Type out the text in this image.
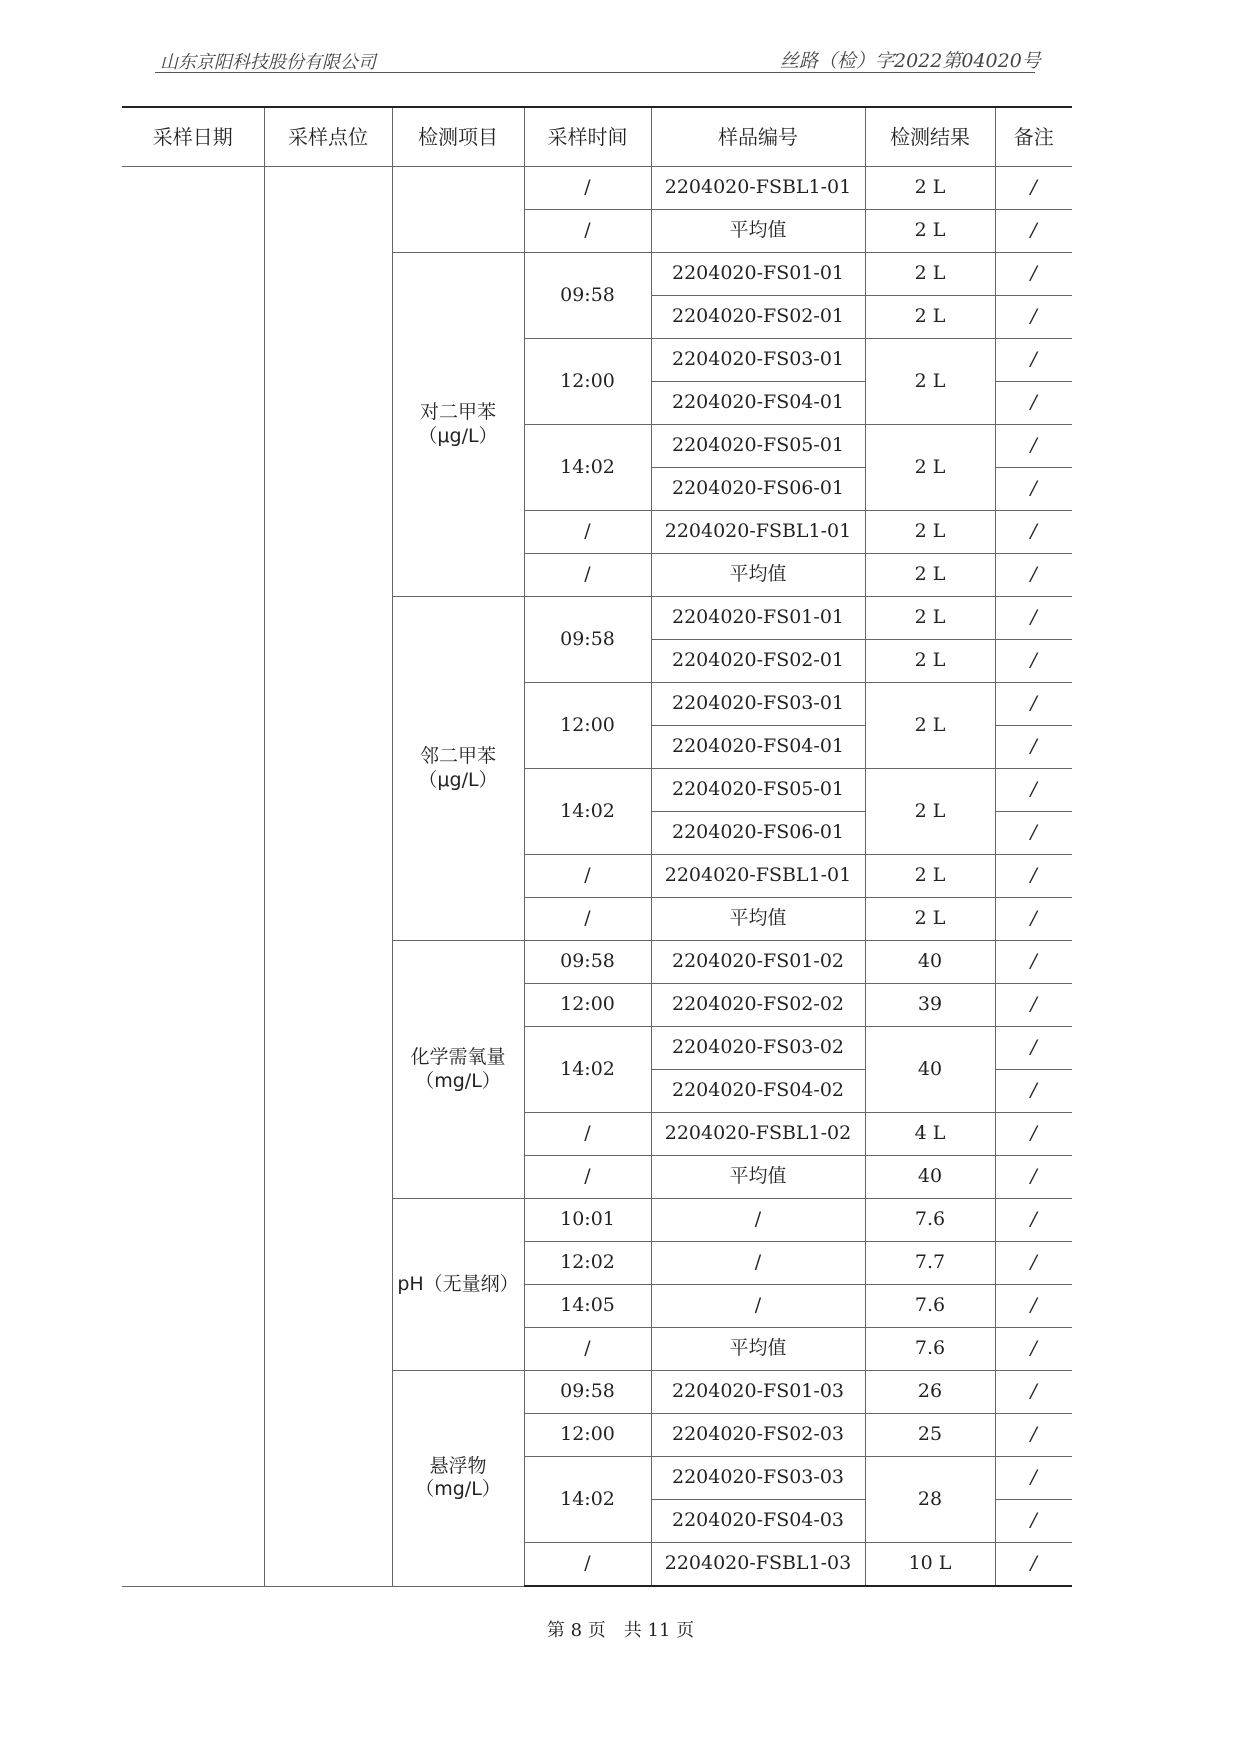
山东京阳科技股份有限公司	丝路（检）字2022第04020号
采样日期	采样点位	检测项目	采样时间	样品编号	检测结果	备注
			/	2204020-FSBL1-01	2 L	/
			/	平均值	2 L	/
		对二甲苯（μg/L）	09:58	2204020-FS01-01	2 L	/
				2204020-FS02-01	2 L	/
			12:00	2204020-FS03-01	2 L	/
				2204020-FS04-01		/
			14:02	2204020-FS05-01	2 L	/
				2204020-FS06-01		/
			/	2204020-FSBL1-01	2 L	/
			/	平均值	2 L	/
		邻二甲苯（μg/L）	09:58	2204020-FS01-01	2 L	/
				2204020-FS02-01	2 L	/
			12:00	2204020-FS03-01	2 L	/
				2204020-FS04-01		/
			14:02	2204020-FS05-01	2 L	/
				2204020-FS06-01		/
			/	2204020-FSBL1-01	2 L	/
			/	平均值	2 L	/
		化学需氧量（mg/L）	09:58	2204020-FS01-02	40	/
			12:00	2204020-FS02-02	39	/
			14:02	2204020-FS03-02	40	/
				2204020-FS04-02		/
			/	2204020-FSBL1-02	4 L	/
			/	平均值	40	/
		pH（无量纲）	10:01	/	7.6	/
			12:02	/	7.7	/
			14:05	/	7.6	/
			/	平均值	7.6	/
		悬浮物（mg/L）	09:58	2204020-FS01-03	26	/
			12:00	2204020-FS02-03	25	/
			14:02	2204020-FS03-03	28	/
				2204020-FS04-03		/
			/	2204020-FSBL1-03	10 L	/
第 8 页　共 11 页
